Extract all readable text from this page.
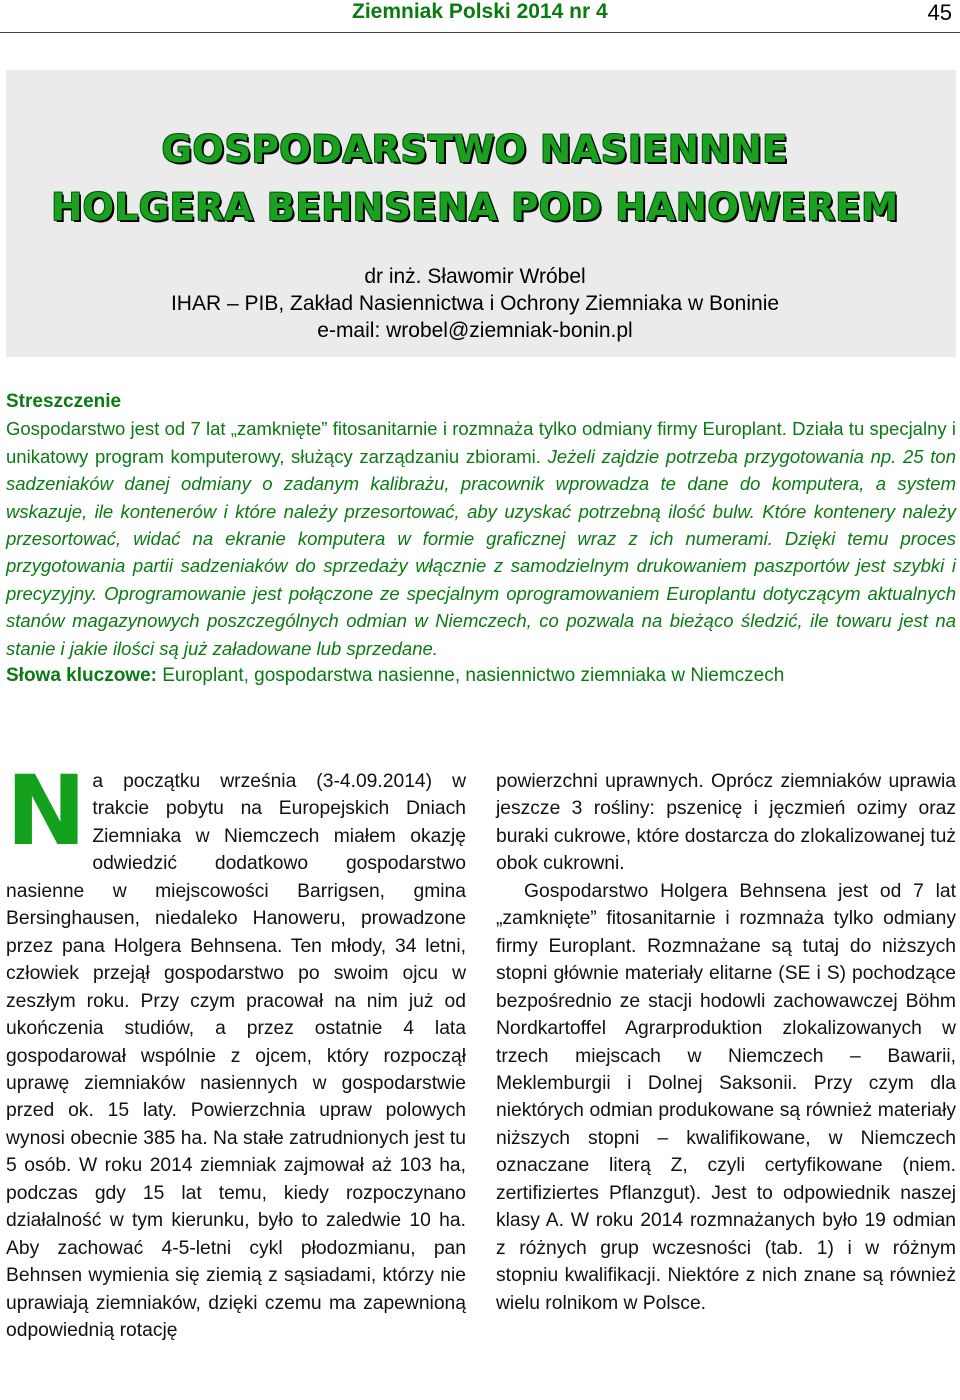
Ziemniak Polski 2014 nr 4	45
GOSPODARSTWO NASIENNNE
HOLGERA BEHNSENA POD HANOWEREM
dr inż. Sławomir Wróbel
IHAR – PIB, Zakład Nasiennictwa i Ochrony Ziemniaka w Boninie
e-mail: wrobel@ziemniak-bonin.pl
Streszczenie

Gospodarstwo jest od 7 lat „zamknięte” fitosanitarnie i rozmnaża tylko odmiany firmy Europlant. Działa tu specjalny i unikatowy program komputerowy, służący zarządzaniu zbiorami. Jeżeli zajdzie potrzeba przygotowania np. 25 ton sadzeniaków danej odmiany o zadanym kalibrażu, pracownik wprowadza te dane do komputera, a system wskazuje, ile kontenerów i które należy przesortować, aby uzyskać potrzebną ilość bulw. Które kontenery należy przesortować, widać na ekranie komputera w formie graficznej wraz z ich numerami. Dzięki temu proces przygotowania partii sadzeniaków do sprzedaży włącznie z samodzielnym drukowaniem paszportów jest szybki i precyzyjny. Oprogramowanie jest połączone ze specjalnym oprogramowaniem Europlantu dotyczącym aktualnych stanów magazynowych poszczególnych odmian w Niemczech, co pozwala na bieżąco śledzić, ile towaru jest na stanie i jakie ilości są już załadowane lub sprzedane.

Słowa kluczowe: Europlant, gospodarstwa nasienne, nasiennictwo ziemniaka w Niemczech
N a początku września (3-4.09.2014) w trakcie pobytu na Europejskich Dniach Ziemniaka w Niemczech miałem okazję odwiedzić dodatkowo gospodarstwo nasienne w miejscowości Barrigsen, gmina Bersinghausen, niedaleko Hanoweru, prowadzone przez pana Holgera Behnsena. Ten młody, 34 letni, człowiek przejął gospodarstwo po swoim ojcu w zeszłym roku. Przy czym pracował na nim już od ukończenia studiów, a przez ostatnie 4 lata gospodarował wspólnie z ojcem, który rozpoczął uprawę ziemniaków nasiennych w gospodarstwie przed ok. 15 laty. Powierzchnia upraw polowych wynosi obecnie 385 ha. Na stałe zatrudnionych jest tu 5 osób. W roku 2014 ziemniak zajmował aż 103 ha, podczas gdy 15 lat temu, kiedy rozpoczynano działalność w tym kierunku, było to zaledwie 10 ha. Aby zachować 4-5-letni cykl płodozmianu, pan Behnsen wymienia się ziemią z sąsiadami, którzy nie uprawiają ziemniaków, dzięki czemu ma zapewnioną odpowiednią rotację

powierzchni uprawnych. Oprócz ziemniaków uprawia jeszcze 3 rośliny: pszenicę i jęczmień ozimy oraz buraki cukrowe, które dostarcza do zlokalizowanej tuż obok cukrowni.

Gospodarstwo Holgera Behnsena jest od 7 lat „zamknięte” fitosanitarnie i rozmnaża tylko odmiany firmy Europlant. Rozmnażane są tutaj do niższych stopni głównie materiały elitarne (SE i S) pochodzące bezpośrednio ze stacji hodowli zachowawczej Böhm Nordkartoffel Agrarproduktion zlokalizowanych w trzech miejscach w Niemczech – Bawarii, Meklemburgii i Dolnej Saksonii. Przy czym dla niektórych odmian produkowane są również materiały niższych stopni – kwalifikowane, w Niemczech oznaczane literą Z, czyli certyfikowane (niem. zertifiziertes Pflanzgut). Jest to odpowiednik naszej klasy A. W roku 2014 rozmnażanych było 19 odmian z różnych grup wczesności (tab. 1) i w różnym stopniu kwalifikacji. Niektóre z nich znane są również wielu rolnikom w Polsce.
